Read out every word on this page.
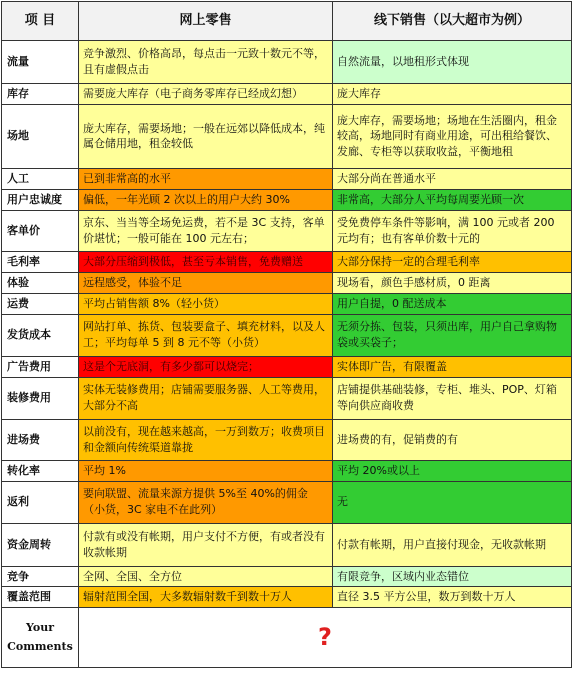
项 目	网上零售	线下销售（以大超市为例）
流量	竞争激烈、价格高昂，每点击一元致十数元不等，且有虚假点击	自然流量，以地租形式体现
库存	需要庞大库存（电子商务零库存已经成幻想）	庞大库存
场地	庞大库存，需要场地；一般在远郊以降低成本，纯属仓储用地，租金较低	庞大库存，需要场地；场地在生活圈内，租金较高，场地同时有商业用途，可出租给餐饮、发廊、专柜等以获取收益，平衡地租
人工	已到非常高的水平	大部分尚在普通水平
用户忠诚度	偏低，一年光顾 2 次以上的用户大约 30%	非常高，大部分人平均每周要光顾一次
客单价	京东、当当等全场免运费，若不是 3C 支持，客单价堪忧；一般可能在 100 元左右；	受免费停车条件等影响，满 100 元或者 200 元均有；也有客单价数十元的
毛利率	大部分压缩到极低，甚至亏本销售，免费赠送	大部分保持一定的合理毛利率
体验	远程感受，体验不足	现场看，颜色手感材质，0 距离
运费	平均占销售额 8%（轻小货）	用户自提，0 配送成本
发货成本	网站打单、拣货、包装要盒子、填充材料，以及人工；平均每单 5 到 8 元不等（小货）	无须分拣、包装，只须出库，用户自己拿购物袋或买袋子；
广告费用	这是个无底洞，有多少都可以烧完；	实体即广告，有限覆盖
装修费用	实体无装修费用；店铺需要服务器、人工等费用，大部分不高	店铺提供基础装修，专柜、堆头、POP、灯箱等向供应商收费
进场费	以前没有，现在越来越高，一万到数万；收费项目和金额向传统渠道靠拢	进场费的有，促销费的有
转化率	平均 1%	平均 20%或以上
返利	要向联盟、流量来源方提供 5%至 40%的佣金（小货，3C 家电不在此列）	无
资金周转	付款有或没有帐期，用户支付不方便，有或者没有收款帐期	付款有帐期，用户直接付现金，无收款帐期
竞争	全网、全国、全方位	有限竞争，区域内业态错位
覆盖范围	辐射范围全国，大多数辐射数千到数十万人	直径 3.5 平方公里，数万到数十万人

Your
Comments	?	
